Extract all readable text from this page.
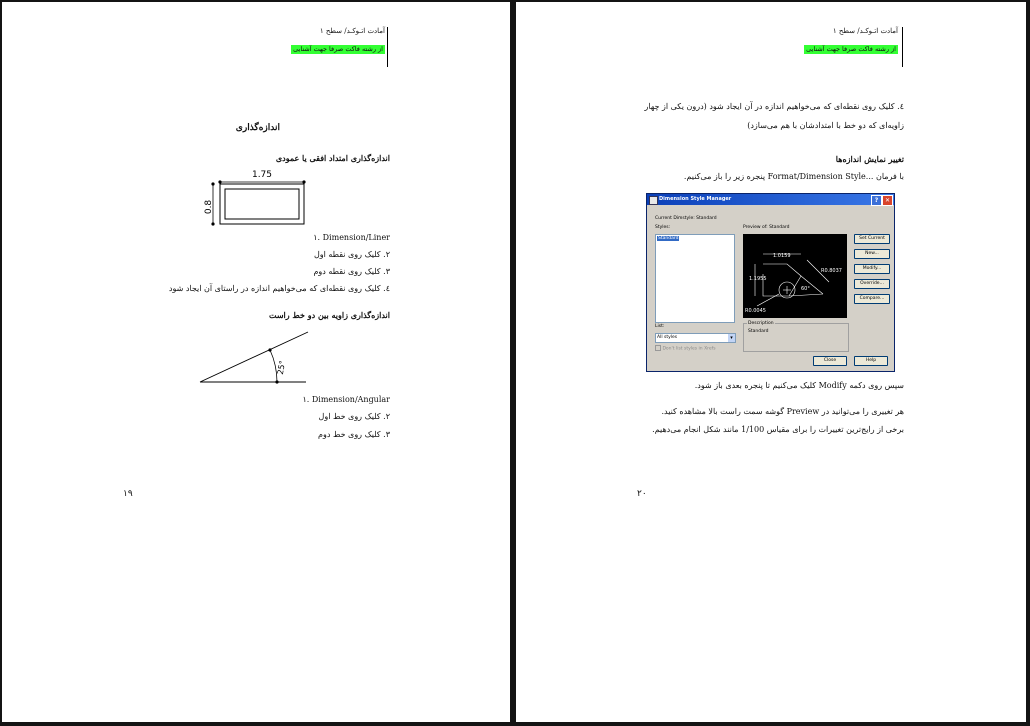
آمادت اتـوكـد/ سطح ١
از رشته فاکت صرفا جهت آشنایی
اندازه‌گذاری
اندازه‌گذاری امتداد افقی یا عمودی
1.75
0.8
Dimension/Liner .١
٢. کلیک روی نقطه اول
٣. کلیک روی نقطه دوم
٤. کلیک روی نقطه‌ای که می‌خواهیم اندازه در راستای آن ایجاد شود
اندازه‌گذاری زاویه بین دو خط راست
25°
Dimension/Angular .١
٢. کلیک روی خط اول
٣. کلیک روی خط دوم
١٩
آمادت اتـوكـد/ سطح ١
از رشته فاکت صرفا جهت آشنایی
٤. کلیک روی نقطه‌ای که می‌خواهیم اندازه در آن ایجاد شود (درون یکی از چهار
زاویه‌ای که دو خط با امتدادشان با هم می‌سازد)
تغییر نمایش اندازه‌ها
با فرمان ...Format/Dimension Style پنجره زیر را باز می‌کنیم.
Dimension Style Manager	?	✕
Current Dimstyle: Standard
Styles:
Standard
Preview of: Standard
1.0159
1.1955
R0.8037
60°
R0.0045
Set Current
New...
Modify...
Override...
Compare...
List:
All styles	▾
Don't list styles in Xrefs
Description
Standard
Close	Help
سپس روی دکمه Modify کلیک می‌کنیم تا پنجره بعدی باز شود.
هر تغییری را می‌توانید در Preview گوشه سمت راست بالا مشاهده کنید.
برخی از رایج‌ترین تغییرات را برای مقیاس 1/100 مانند شکل انجام می‌دهیم.
٢٠
